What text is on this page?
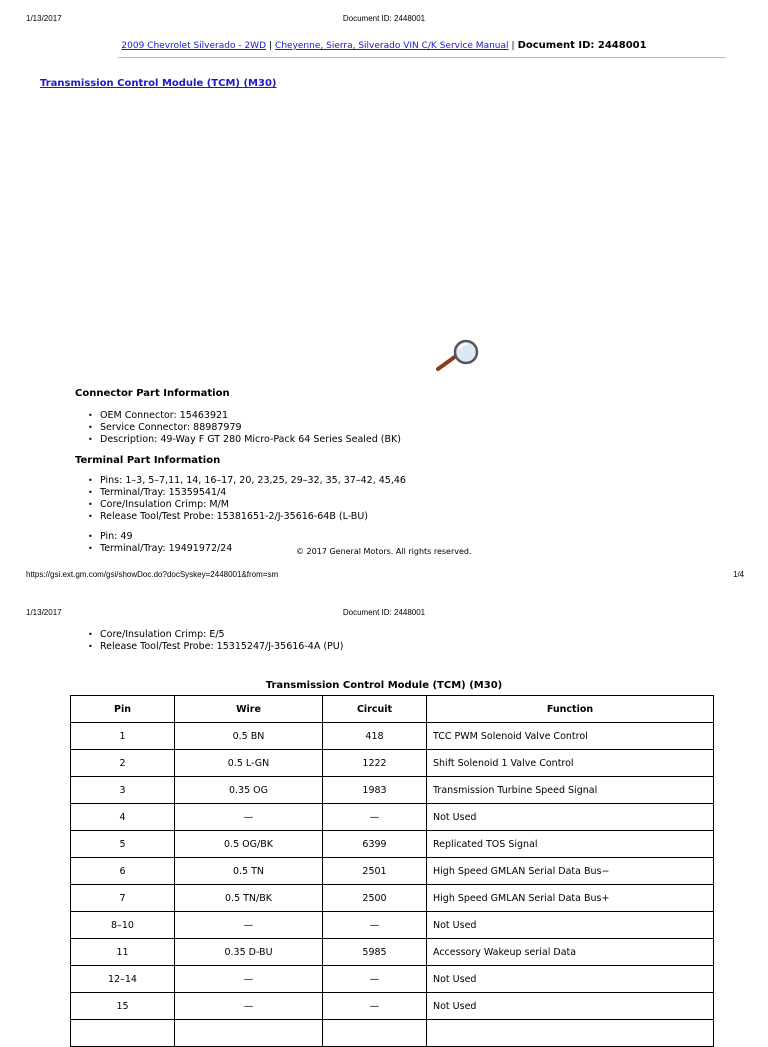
1/13/2017	Document ID: 2448001
2009 Chevrolet Silverado - 2WD | Cheyenne, Sierra, Silverado VIN C/K Service Manual | Document ID: 2448001
Transmission Control Module (TCM) (M30)
Connector Part Information
• OEM Connector: 15463921
• Service Connector: 88987979
• Description: 49-Way F GT 280 Micro-Pack 64 Series Sealed (BK)
Terminal Part Information
• Pins: 1–3, 5–7,11, 14, 16–17, 20, 23,25, 29–32, 35, 37–42, 45,46
• Terminal/Tray: 15359541/4
• Core/Insulation Crimp: M/M
• Release Tool/Test Probe: 15381651-2/J-35616-64B (L-BU)
• Pin: 49
• Terminal/Tray: 19491972/24	© 2017 General Motors. All rights reserved.
https://gsi.ext.gm.com/gsi/showDoc.do?docSyskey=2448001&from=sm	1/4
1/13/2017	Document ID: 2448001
• Core/Insulation Crimp: E/5
• Release Tool/Test Probe: 15315247/J-35616-4A (PU)
Transmission Control Module (TCM) (M30)
Pin	Wire	Circuit	Function
1	0.5 BN	418	TCC PWM Solenoid Valve Control
2	0.5 L-GN	1222	Shift Solenoid 1 Valve Control
3	0.35 OG	1983	Transmission Turbine Speed Signal
4	—	—	Not Used
5	0.5 OG/BK	6399	Replicated TOS Signal
6	0.5 TN	2501	High Speed GMLAN Serial Data Bus−
7	0.5 TN/BK	2500	High Speed GMLAN Serial Data Bus+
8–10	—	—	Not Used
11	0.35 D-BU	5985	Accessory Wakeup serial Data
12–14	—	—	Not Used
15	—	—	Not Used
